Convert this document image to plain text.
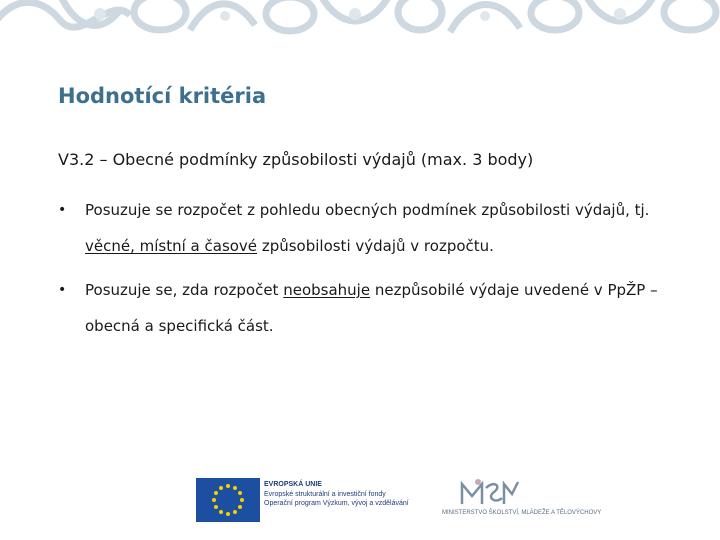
Hodnotící kritéria

V3.2 – Obecné podmínky způsobilosti výdajů (max. 3 body)

• Posuzuje se rozpočet z pohledu obecných podmínek způsobilosti výdajů, tj. věcné, místní a časové způsobilosti výdajů v rozpočtu.
• Posuzuje se, zda rozpočet neobsahuje nezpůsobilé výdaje uvedené v PpŽP – obecná a specifická část.
EVROPSKÁ UNIE
Evropské strukturální a investiční fondy
Operační program Výzkum, vývoj a vzdělávání
MINISTERSTVO ŠKOLSTVÍ, MLÁDEŽE A TĚLOVÝCHOVY
